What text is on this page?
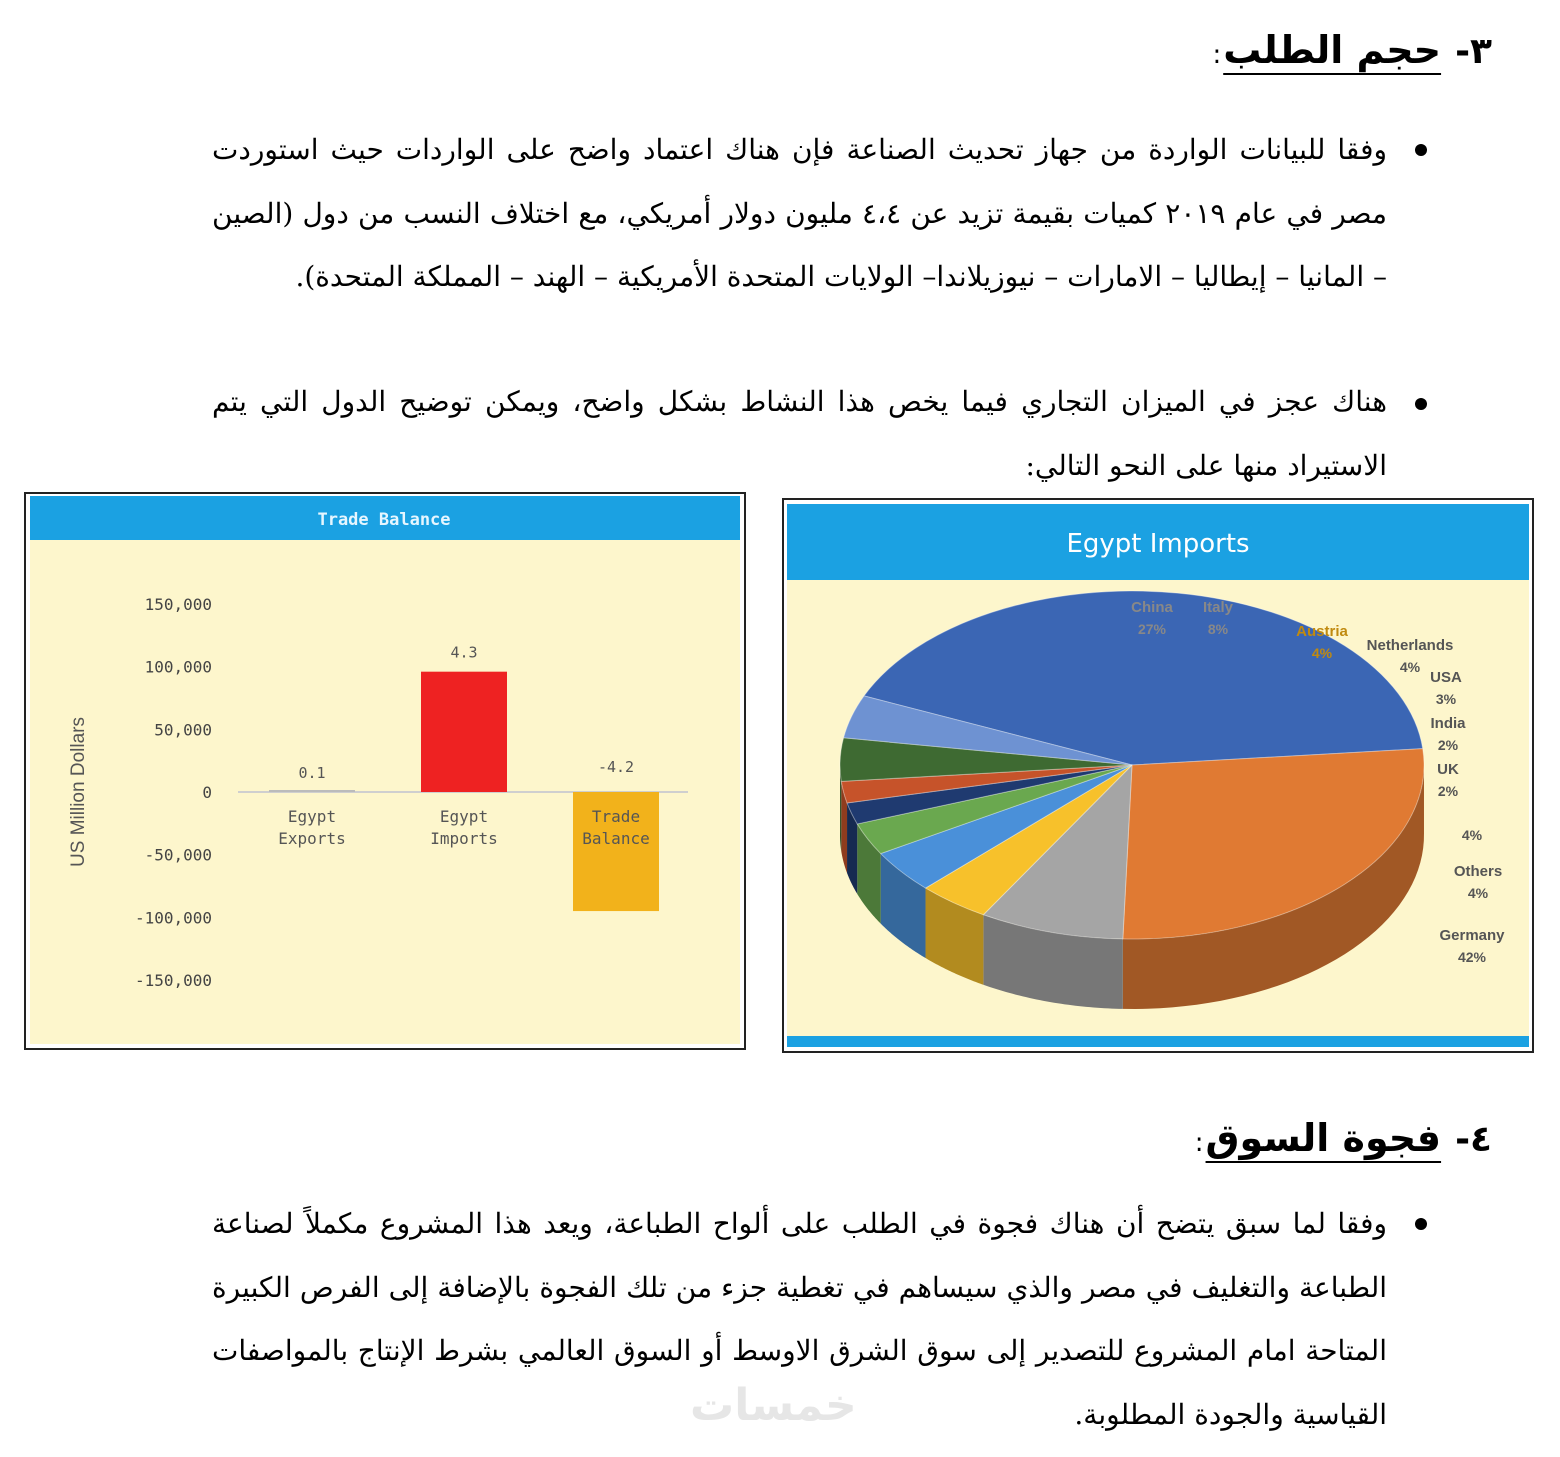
٣-
حجم الطلب
:

وفقا للبيانات الواردة من جهاز تحديث الصناعة فإن هناك اعتماد واضح على الواردات حيث استوردت مصر في عام ٢٠١٩ كميات بقيمة تزيد عن ٤،٤ مليون دولار أمريكي، مع اختلاف النسب من دول (الصين – المانيا – إيطاليا – الامارات – نيوزيلاندا– الولايات المتحدة الأمريكية – الهند – المملكة المتحدة).

هناك عجز في الميزان التجاري فيما يخص هذا النشاط بشكل واضح، ويمكن توضيح الدول التي يتم الاستيراد منها على النحو التالي:

Trade Balance
US Million Dollars
150,000
100,000
50,000
0
-50,000
-100,000
-150,000
0.1
Egypt
Exports
4.3
Egypt
Imports
-4.2
Trade
Balance
Egypt Imports
Germany
42%
China
27%
Italy
8%	Austria
4% Netherlands
4%
USA
3%
India
2%
UK
2%
4%
Others
4%
٤-
فجوة السوق
:

وفقا لما سبق يتضح أن هناك فجوة في الطلب على ألواح الطباعة، ويعد هذا المشروع مكملاً لصناعة الطباعة والتغليف في مصر والذي سيساهم في تغطية جزء من تلك الفجوة بالإضافة إلى الفرص الكبيرة المتاحة امام المشروع للتصدير إلى سوق الشرق الاوسط أو السوق العالمي بشرط الإنتاج بالمواصفات القياسية والجودة المطلوبة.

خمسات
